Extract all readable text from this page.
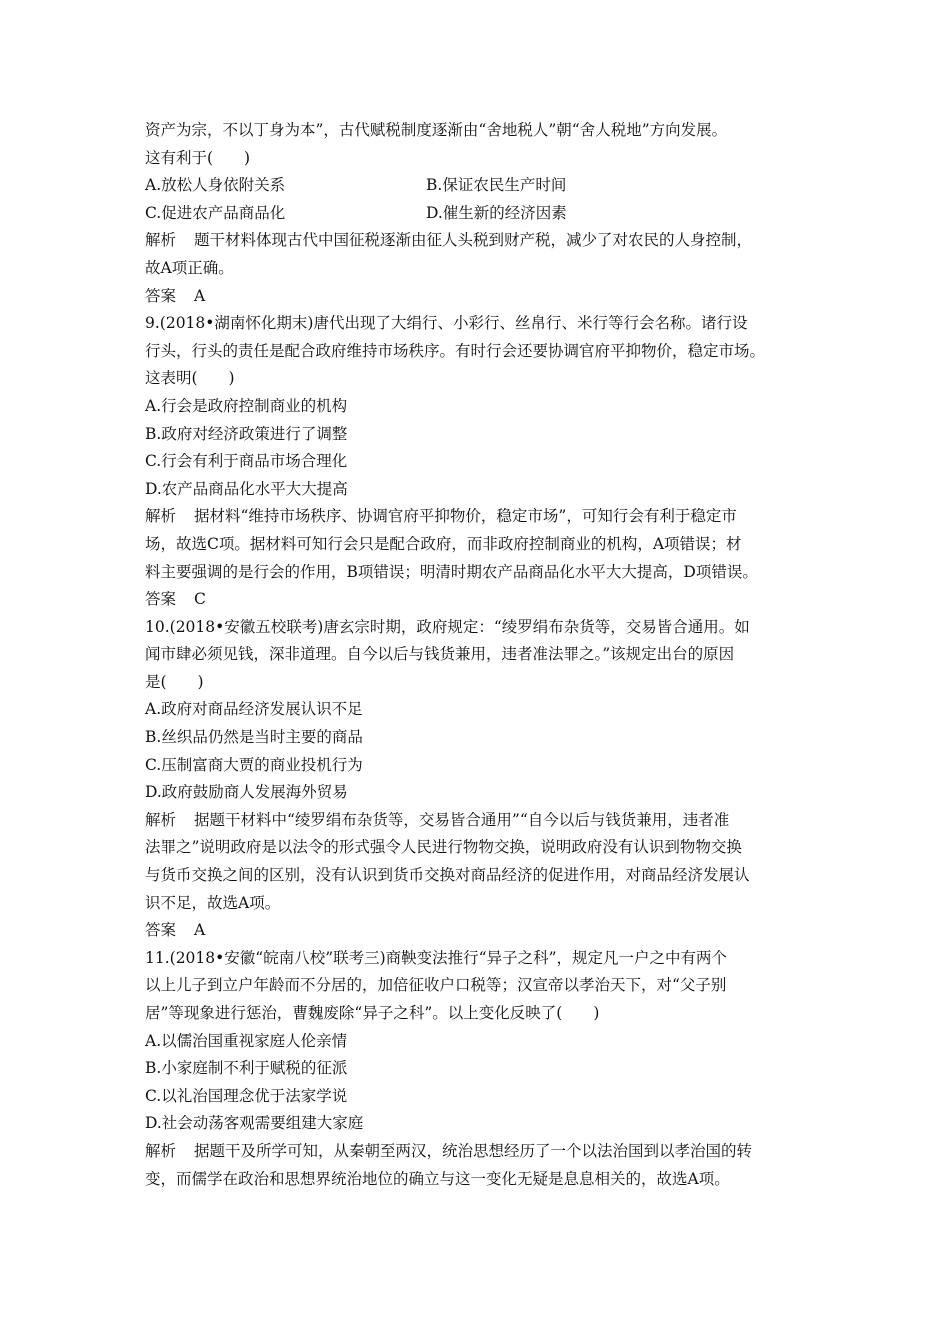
资产为宗，不以丁身为本”，古代赋税制度逐渐由“舍地税人”朝“舍人税地”方向发展。
这有利于(　　)
A.放松人身依附关系	B.保证农民生产时间
C.促进农产品商品化	D.催生新的经济因素
解析 题干材料体现古代中国征税逐渐由征人头税到财产税，减少了对农民的人身控制，
故A项正确。
答案 A
9.(2018•湖南怀化期末)唐代出现了大绢行、小彩行、丝帛行、米行等行会名称。诸行设
行头，行头的责任是配合政府维持市场秩序。有时行会还要协调官府平抑物价，稳定市场。
这表明(　　)
A.行会是政府控制商业的机构
B.政府对经济政策进行了调整
C.行会有利于商品市场合理化
D.农产品商品化水平大大提高
解析 据材料“维持市场秩序、协调官府平抑物价，稳定市场”，可知行会有利于稳定市
场，故选C项。据材料可知行会只是配合政府，而非政府控制商业的机构，A项错误；材
料主要强调的是行会的作用，B项错误；明清时期农产品商品化水平大大提高，D项错误。
答案 C
10.(2018•安徽五校联考)唐玄宗时期，政府规定：“绫罗绢布杂货等，交易皆合通用。如
闻市肆必须见钱，深非道理。自今以后与钱货兼用，违者准法罪之。”该规定出台的原因
是(　　)
A.政府对商品经济发展认识不足
B.丝织品仍然是当时主要的商品
C.压制富商大贾的商业投机行为
D.政府鼓励商人发展海外贸易
解析 据题干材料中“绫罗绢布杂货等，交易皆合通用”“自今以后与钱货兼用，违者准
法罪之”说明政府是以法令的形式强令人民进行物物交换，说明政府没有认识到物物交换
与货币交换之间的区别，没有认识到货币交换对商品经济的促进作用，对商品经济发展认
识不足，故选A项。
答案 A
11.(2018•安徽“皖南八校”联考三)商鞅变法推行“异子之科”，规定凡一户之中有两个
以上儿子到立户年龄而不分居的，加倍征收户口税等；汉宣帝以孝治天下，对“父子别
居”等现象进行惩治，曹魏废除“异子之科”。以上变化反映了(　　)
A.以儒治国重视家庭人伦亲情
B.小家庭制不利于赋税的征派
C.以礼治国理念优于法家学说
D.社会动荡客观需要组建大家庭
解析 据题干及所学可知，从秦朝至两汉，统治思想经历了一个以法治国到以孝治国的转
变，而儒学在政治和思想界统治地位的确立与这一变化无疑是息息相关的，故选A项。
